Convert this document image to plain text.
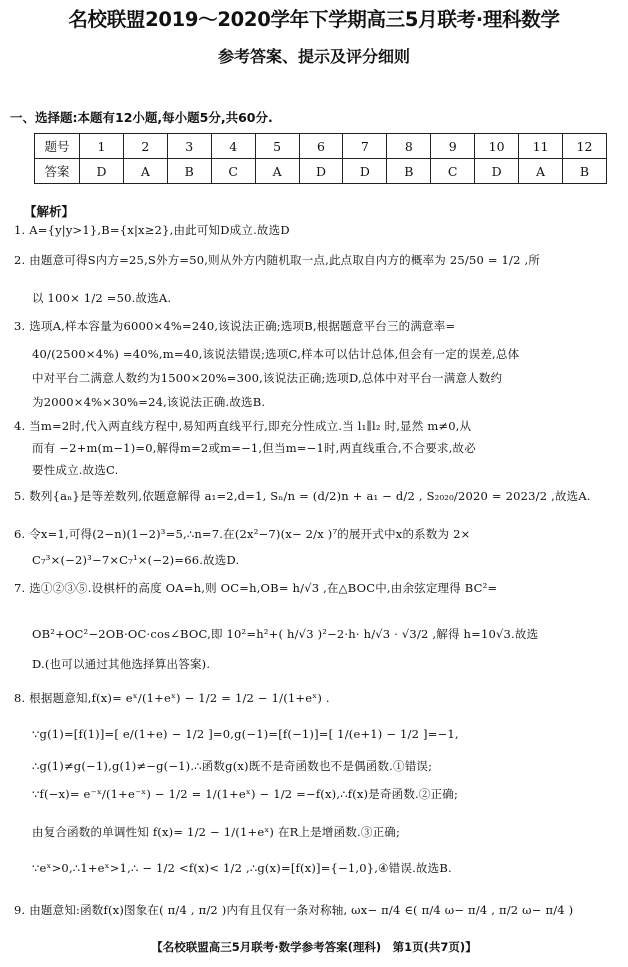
名校联盟2019～2020学年下学期高三5月联考·理科数学
参考答案、提示及评分细则
一、选择题:本题有12小题,每小题5分,共60分.
题号	1	2	3	4	5	6	7	8	9	10	11	12
答案	D	A	B	C	A	D	D	B	C	D	A	B
【解析】
1. A={y|y>1},B={x|x≥2},由此可知D成立.故选D
2. 由题意可得S内方=25,S外方=50,则从外方内随机取一点,此点取自内方的概率为 25/50 = 1/2 ,所
以 100× 1/2 =50.故选A.
3. 选项A,样本容量为6000×4%=240,该说法正确;选项B,根据题意平台三的满意率=
40/(2500×4%) =40%,m=40,该说法错误;选项C,样本可以估计总体,但会有一定的误差,总体
中对平台二满意人数约为1500×20%=300,该说法正确;选项D,总体中对平台一满意人数约
为2000×4%×30%=24,该说法正确.故选B.
4. 当m=2时,代入两直线方程中,易知两直线平行,即充分性成立.当 l₁∥l₂ 时,显然 m≠0,从
而有 −2+m(m−1)=0,解得m=2或m=−1,但当m=−1时,两直线重合,不合要求,故必
要性成立.故选C.
5. 数列{aₙ}是等差数列,依题意解得 a₁=2,d=1, Sₙ/n = (d/2)n + a₁ − d/2 , S₂₀₂₀/2020 = 2023/2 ,故选A.
6. 令x=1,可得(2−n)(1−2)³=5,∴n=7.在(2x²−7)(x− 2/x )⁷的展开式中x的系数为 2×
C₇³×(−2)³−7×C₇¹×(−2)=66.故选D.
7. 选①②③⑤.设棋杆的高度 OA=h,则 OC=h,OB= h/√3 ,在△BOC中,由余弦定理得 BC²=
OB²+OC²−2OB·OC·cos∠BOC,即 10²=h²+( h/√3 )²−2·h· h/√3 · √3/2 ,解得 h=10√3.故选
D.(也可以通过其他选择算出答案).
8. 根据题意知,f(x)= eˣ/(1+eˣ) − 1/2 = 1/2 − 1/(1+eˣ) .
∵g(1)=[f(1)]=[ e/(1+e) − 1/2 ]=0,g(−1)=[f(−1)]=[ 1/(e+1) − 1/2 ]=−1,
∴g(1)≠g(−1),g(1)≠−g(−1).∴函数g(x)既不是奇函数也不是偶函数.①错误;
∵f(−x)= e⁻ˣ/(1+e⁻ˣ) − 1/2 = 1/(1+eˣ) − 1/2 =−f(x),∴f(x)是奇函数.②正确;
由复合函数的单调性知 f(x)= 1/2 − 1/(1+eˣ) 在R上是增函数.③正确;
∵eˣ>0,∴1+eˣ>1,∴ − 1/2 <f(x)< 1/2 ,∴g(x)=[f(x)]={−1,0},④错误.故选B.
9. 由题意知:函数f(x)图象在( π/4 , π/2 )内有且仅有一条对称轴, ωx− π/4 ∈( π/4 ω− π/4 , π/2 ω− π/4 )
【名校联盟高三5月联考·数学参考答案(理科)　第1页(共7页)】
